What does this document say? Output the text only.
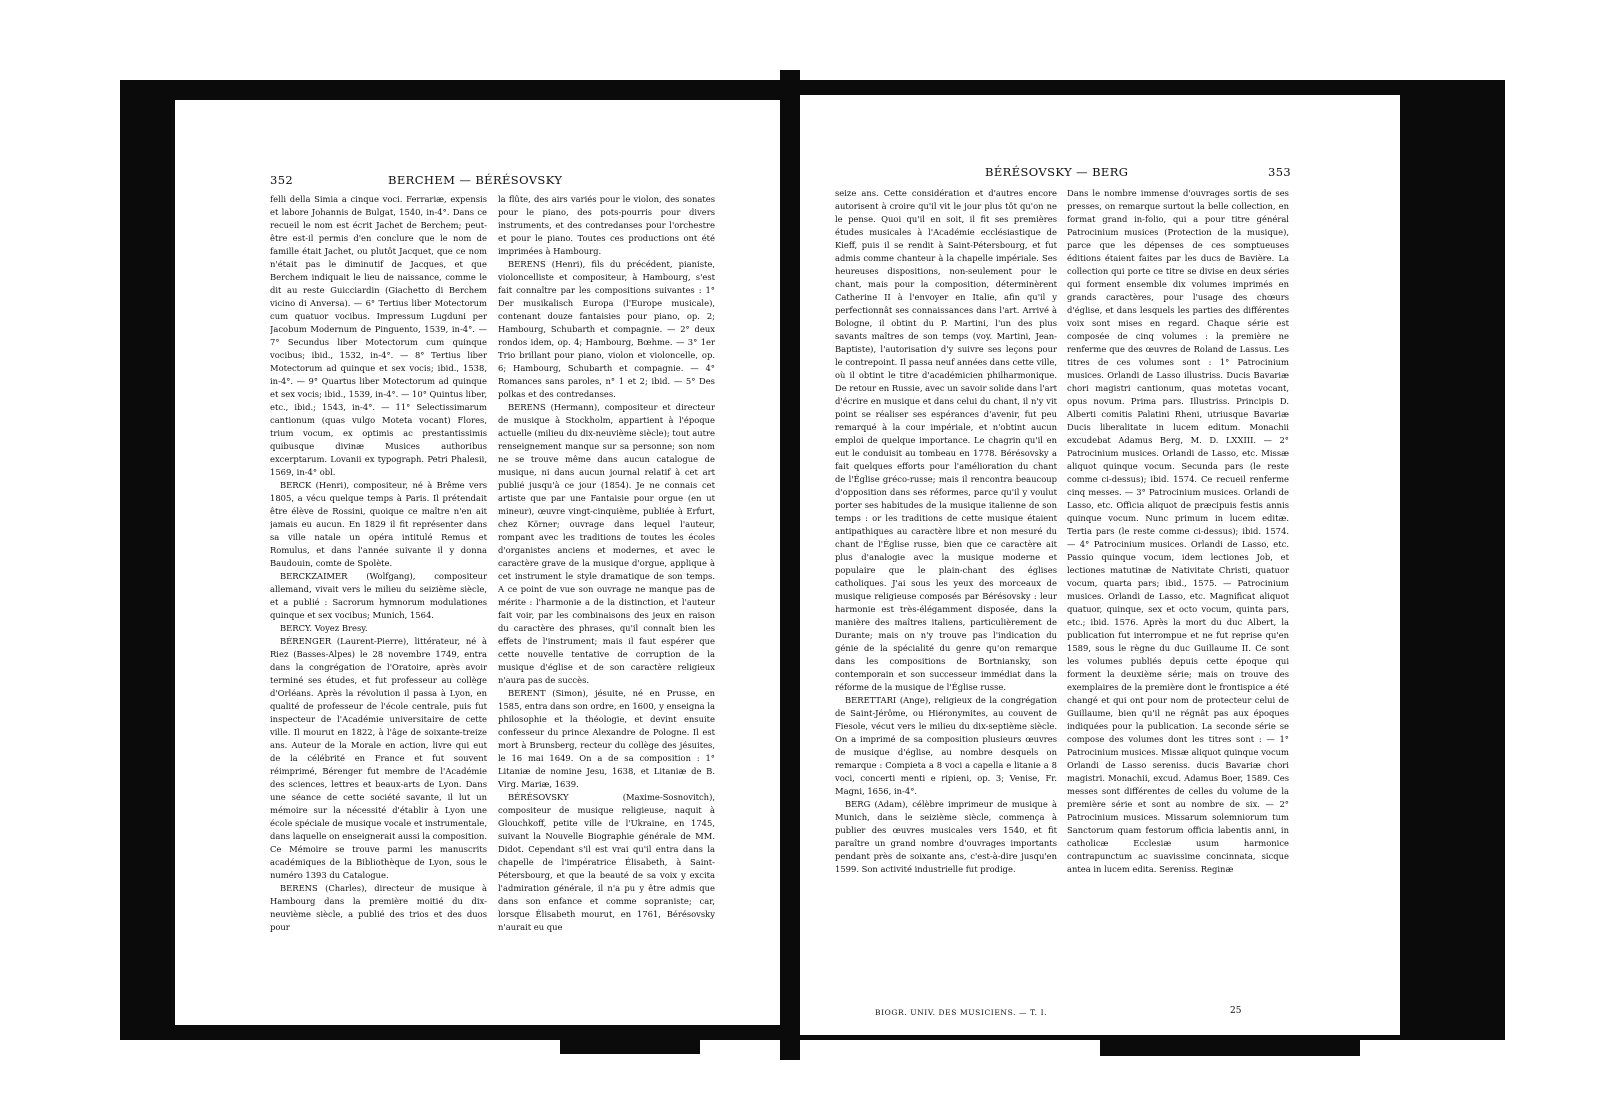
352	BERCHEM — BÉRÉSOVSKY

felli della Simia a cinque voci. Ferrariæ, expensis et labore Johannis de Bulgat, 1540, in-4°. Dans ce recueil le nom est écrit Jachet de Berchem; peut-être est-il permis d'en conclure que le nom de famille était Jachet, ou plutôt Jacquet, que ce nom n'était pas le diminutif de Jacques, et que Berchem indiquait le lieu de naissance, comme le dit au reste Guicciardin (Giachetto di Berchem vicino di Anversa). — 6° Tertius liber Motectorum cum quatuor vocibus. Impressum Lugduni per Jacobum Modernum de Pinguento, 1539, in-4°. — 7° Secundus liber Motectorum cum quinque vocibus; ibid., 1532, in-4°. — 8° Tertius liber Motectorum ad quinque et sex vocis; ibid., 1538, in-4°. — 9° Quartus liber Motectorum ad quinque et sex vocis; ibid., 1539, in-4°. — 10° Quintus liber, etc., ibid.; 1543, in-4°. — 11° Selectissimarum cantionum (quas vulgo Moteta vocant) Flores, trium vocum, ex optimis ac prestantissimis quibusque divinæ Musices authoribus excerptarum. Lovanii ex typograph. Petri Phalesii, 1569, in-4° obl.

BERCK (Henri), compositeur, né à Brême vers 1805, a vécu quelque temps à Paris. Il prétendait être élève de Rossini, quoique ce maître n'en ait jamais eu aucun. En 1829 il fit représenter dans sa ville natale un opéra intitulé Remus et Romulus, et dans l'année suivante il y donna Baudouin, comte de Spolète.

BERCKZAIMER (Wolfgang), compositeur allemand, vivait vers le milieu du seizième siècle, et a publié : Sacrorum hymnorum modulationes quinque et sex vocibus; Munich, 1564.

BERCY. Voyez Bresy.

BÉRENGER (Laurent-Pierre), littérateur, né à Riez (Basses-Alpes) le 28 novembre 1749, entra dans la congrégation de l'Oratoire, après avoir terminé ses études, et fut professeur au collège d'Orléans. Après la révolution il passa à Lyon, en qualité de professeur de l'école centrale, puis fut inspecteur de l'Académie universitaire de cette ville. Il mourut en 1822, à l'âge de soixante-treize ans. Auteur de la Morale en action, livre qui eut de la célébrité en France et fut souvent réimprimé, Bérenger fut membre de l'Académie des sciences, lettres et beaux-arts de Lyon. Dans une séance de cette société savante, il lut un mémoire sur la nécessité d'établir à Lyon une école spéciale de musique vocale et instrumentale, dans laquelle on enseignerait aussi la composition. Ce Mémoire se trouve parmi les manuscrits académiques de la Bibliothèque de Lyon, sous le numéro 1393 du Catalogue.

BERENS (Charles), directeur de musique à Hambourg dans la première moitié du dix-neuvième siècle, a publié des trios et des duos pour

la flûte, des airs variés pour le violon, des sonates pour le piano, des pots-pourris pour divers instruments, et des contredanses pour l'orchestre et pour le piano. Toutes ces productions ont été imprimées à Hambourg.

BERENS (Henri), fils du précédent, pianiste, violoncelliste et compositeur, à Hambourg, s'est fait connaître par les compositions suivantes : 1° Der musikalisch Europa (l'Europe musicale), contenant douze fantaisies pour piano, op. 2; Hambourg, Schubarth et compagnie. — 2° deux rondos idem, op. 4; Hambourg, Bœhme. — 3° 1er Trio brillant pour piano, violon et violoncelle, op. 6; Hambourg, Schubarth et compagnie. — 4° Romances sans paroles, n° 1 et 2; ibid. — 5° Des polkas et des contredanses.

BERENS (Hermann), compositeur et directeur de musique à Stockholm, appartient à l'époque actuelle (milieu du dix-neuvième siècle); tout autre renseignement manque sur sa personne; son nom ne se trouve même dans aucun catalogue de musique, ni dans aucun journal relatif à cet art publié jusqu'à ce jour (1854). Je ne connais cet artiste que par une Fantaisie pour orgue (en ut mineur), œuvre vingt-cinquième, publiée à Erfurt, chez Körner; ouvrage dans lequel l'auteur, rompant avec les traditions de toutes les écoles d'organistes anciens et modernes, et avec le caractère grave de la musique d'orgue, applique à cet instrument le style dramatique de son temps. A ce point de vue son ouvrage ne manque pas de mérite : l'harmonie a de la distinction, et l'auteur fait voir, par les combinaisons des jeux en raison du caractère des phrases, qu'il connaît bien les effets de l'instrument; mais il faut espérer que cette nouvelle tentative de corruption de la musique d'église et de son caractère religieux n'aura pas de succès.

BERENT (Simon), jésuite, né en Prusse, en 1585, entra dans son ordre, en 1600, y enseigna la philosophie et la théologie, et devint ensuite confesseur du prince Alexandre de Pologne. Il est mort à Brunsberg, recteur du collège des jésuites, le 16 mai 1649. On a de sa composition : 1° Litaniæ de nomine Jesu, 1638, et Litaniæ de B. Virg. Mariæ, 1639.

BÉRÉSOVSKY (Maxime-Sosnovitch), compositeur de musique religieuse, naquit à Glouchkoff, petite ville de l'Ukraine, en 1745, suivant la Nouvelle Biographie générale de MM. Didot. Cependant s'il est vrai qu'il entra dans la chapelle de l'impératrice Élisabeth, à Saint-Pétersbourg, et que la beauté de sa voix y excita l'admiration générale, il n'a pu y être admis que dans son enfance et comme sopraniste; car, lorsque Élisabeth mourut, en 1761, Bérésovsky n'aurait eu que

BÉRÉSOVSKY — BERG	353

seize ans. Cette considération et d'autres encore autorisent à croire qu'il vit le jour plus tôt qu'on ne le pense. Quoi qu'il en soit, il fit ses premières études musicales à l'Académie ecclésiastique de Kieff, puis il se rendit à Saint-Pétersbourg, et fut admis comme chanteur à la chapelle impériale. Ses heureuses dispositions, non-seulement pour le chant, mais pour la composition, déterminèrent Catherine II à l'envoyer en Italie, afin qu'il y perfectionnât ses connaissances dans l'art. Arrivé à Bologne, il obtint du P. Martini, l'un des plus savants maîtres de son temps (voy. Martini, Jean-Baptiste), l'autorisation d'y suivre ses leçons pour le contrepoint. Il passa neuf années dans cette ville, où il obtint le titre d'académicien philharmonique. De retour en Russie, avec un savoir solide dans l'art d'écrire en musique et dans celui du chant, il n'y vit point se réaliser ses espérances d'avenir, fut peu remarqué à la cour impériale, et n'obtint aucun emploi de quelque importance. Le chagrin qu'il en eut le conduisit au tombeau en 1778. Bérésovsky a fait quelques efforts pour l'amélioration du chant de l'Église gréco-russe; mais il rencontra beaucoup d'opposition dans ses réformes, parce qu'il y voulut porter ses habitudes de la musique italienne de son temps : or les traditions de cette musique étaient antipathiques au caractère libre et non mesuré du chant de l'Église russe, bien que ce caractère ait plus d'analogie avec la musique moderne et populaire que le plain-chant des églises catholiques. J'ai sous les yeux des morceaux de musique religieuse composés par Bérésovsky : leur harmonie est très-élégamment disposée, dans la manière des maîtres italiens, particulièrement de Durante; mais on n'y trouve pas l'indication du génie de la spécialité du genre qu'on remarque dans les compositions de Bortniansky, son contemporain et son successeur immédiat dans la réforme de la musique de l'Église russe.

BERETTARI (Ange), religieux de la congrégation de Saint-Jérôme, ou Hiéronymites, au couvent de Fiesole, vécut vers le milieu du dix-septième siècle. On a imprimé de sa composition plusieurs œuvres de musique d'église, au nombre desquels on remarque : Compieta a 8 voci a capella e litanie a 8 voci, concerti menti e ripieni, op. 3; Venise, Fr. Magni, 1656, in-4°.

BERG (Adam), célèbre imprimeur de musique à Munich, dans le seizième siècle, commença à publier des œuvres musicales vers 1540, et fit paraître un grand nombre d'ouvrages importants pendant près de soixante ans, c'est-à-dire jusqu'en 1599. Son activité industrielle fut prodige.

Dans le nombre immense d'ouvrages sortis de ses presses, on remarque surtout la belle collection, en format grand in-folio, qui a pour titre général Patrocinium musices (Protection de la musique), parce que les dépenses de ces somptueuses éditions étaient faites par les ducs de Bavière. La collection qui porte ce titre se divise en deux séries qui forment ensemble dix volumes imprimés en grands caractères, pour l'usage des chœurs d'église, et dans lesquels les parties des différentes voix sont mises en regard. Chaque série est composée de cinq volumes : la première ne renferme que des œuvres de Roland de Lassus. Les titres de ces volumes sont : 1° Patrocinium musices. Orlandi de Lasso illustriss. Ducis Bavariæ chori magistri cantionum, quas motetas vocant, opus novum. Prima pars. Illustriss. Principis D. Alberti comitis Palatini Rheni, utriusque Bavariæ Ducis liberalitate in lucem editum. Monachii excudebat Adamus Berg, M. D. LXXIII. — 2° Patrocinium musices. Orlandi de Lasso, etc. Missæ aliquot quinque vocum. Secunda pars (le reste comme ci-dessus); ibid. 1574. Ce recueil renferme cinq messes. — 3° Patrocinium musices. Orlandi de Lasso, etc. Officia aliquot de præcipuis festis annis quinque vocum. Nunc primum in lucem editæ. Tertia pars (le reste comme ci-dessus); ibid. 1574. — 4° Patrocinium musices. Orlandi de Lasso, etc. Passio quinque vocum, idem lectiones Job, et lectiones matutinæ de Nativitate Christi, quatuor vocum, quarta pars; ibid., 1575. — Patrocinium musices. Orlandi de Lasso, etc. Magnificat aliquot quatuor, quinque, sex et octo vocum, quinta pars, etc.; ibid. 1576. Après la mort du duc Albert, la publication fut interrompue et ne fut reprise qu'en 1589, sous le règne du duc Guillaume II. Ce sont les volumes publiés depuis cette époque qui forment la deuxième série; mais on trouve des exemplaires de la première dont le frontispice a été changé et qui ont pour nom de protecteur celui de Guillaume, bien qu'il ne régnât pas aux époques indiquées pour la publication. La seconde série se compose des volumes dont les titres sont : — 1° Patrocinium musices. Missæ aliquot quinque vocum Orlandi de Lasso sereniss. ducis Bavariæ chori magistri. Monachii, excud. Adamus Boer, 1589. Ces messes sont différentes de celles du volume de la première série et sont au nombre de six. — 2° Patrocinium musices. Missarum solemniorum tum Sanctorum quam festorum officia labentis anni, in catholicæ Ecclesiæ usum harmonice contrapunctum ac suavissime concinnata, sicque antea in lucem edita. Sereniss. Reginæ

BIOGR. UNIV. DES MUSICIENS. — T. I.	25
